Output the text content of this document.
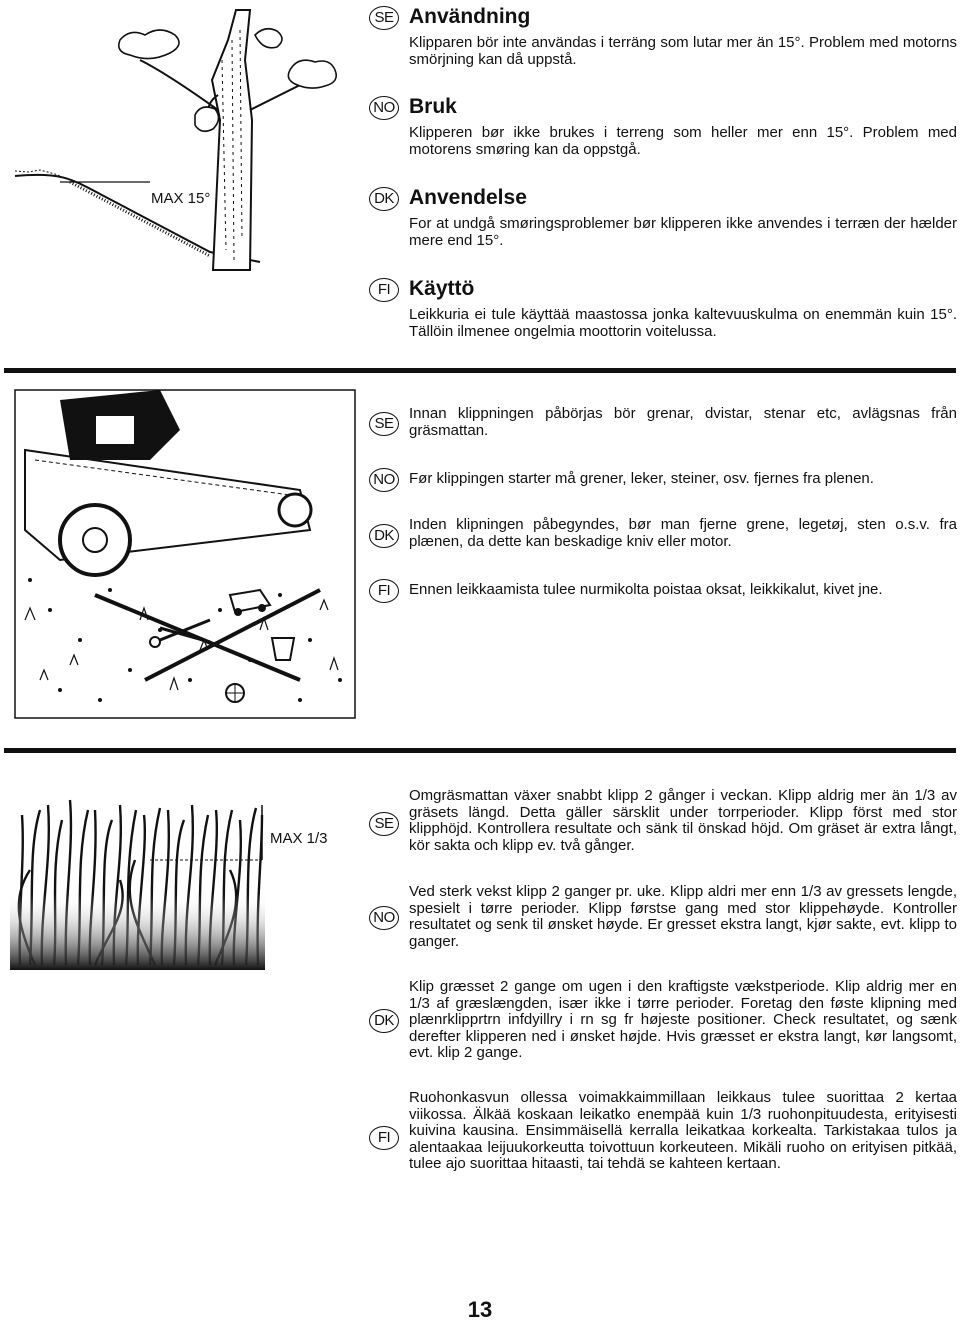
MAX 15°
SE Användning
Klipparen bör inte användas i terräng som lutar mer än 15°. Problem med motorns smörjning kan då uppstå.
NO Bruk
Klipperen bør ikke brukes i terreng som heller mer enn 15°. Problem med motorens smøring kan da oppstgå.
DK Anvendelse
For at undgå smøringsproblemer bør klipperen ikke anvendes i terræn der hælder mere end 15°.
FI Käyttö
Leikkuria ei tule käyttää maastossa jonka kaltevuuskulma on enemmän kuin 15°. Tällöin ilmenee ongelmia moottorin voitelussa.
SE
Innan klippningen påbörjas bör grenar, dvistar, stenar etc, avlägsnas från gräsmattan.
NO Før klippingen starter må grener, leker, steiner, osv. fjernes fra plenen.
DK
Inden klipningen påbegyndes, bør man fjerne grene, legetøj, sten o.s.v. fra plænen, da dette kan beskadige kniv eller motor.
FI	Ennen leikkaamista tulee nurmikolta poistaa oksat, leikkikalut, kivet jne.
MAX 1/3
SE
Omgräsmattan växer snabbt klipp 2 gånger i veckan. Klipp aldrig mer än 1/3 av gräsets längd. Detta gäller särsklit under torrperioder. Klipp först med stor klipphöjd. Kontrollera resultate och sänk til önskad höjd. Om gräset är extra långt, kör sakta och klipp ev. två gånger.
NO
Ved sterk vekst klipp 2 ganger pr. uke. Klipp aldri mer enn 1/3 av gressets lengde, spesielt i tørre perioder. Klipp førstse gang med stor klippehøyde. Kontroller resultatet og senk til ønsket høyde. Er gresset ekstra langt, kjør sakte, evt. klipp to ganger.
DK
Klip græsset 2 gange om ugen i den kraftigste vækstperiode. Klip aldrig mer en 1/3 af græslængden, især ikke i tørre perioder. Foretag den føste klipning med plænrklipprtrn infdyillry i rn sg fr højeste positioner. Check resultatet, og sænk derefter klipperen ned i ønsket højde. Hvis græsset er ekstra langt, kør langsomt, evt. klip 2 gange.
FI
Ruohonkasvun ollessa voimakkaimmillaan leikkaus tulee suorittaa 2 kertaa viikossa. Älkää koskaan leikatko enempää kuin 1/3 ruohonpituudesta, erityisesti kuivina kausina. Ensimmäisellä kerralla leikatkaa korkealta. Tarkistakaa tulos ja alentaakaa leijuukorkeutta toivottuun korkeuteen. Mikäli ruoho on erityisen pitkää, tulee ajo suorittaa hitaasti, tai tehdä se kahteen kertaan.
13
